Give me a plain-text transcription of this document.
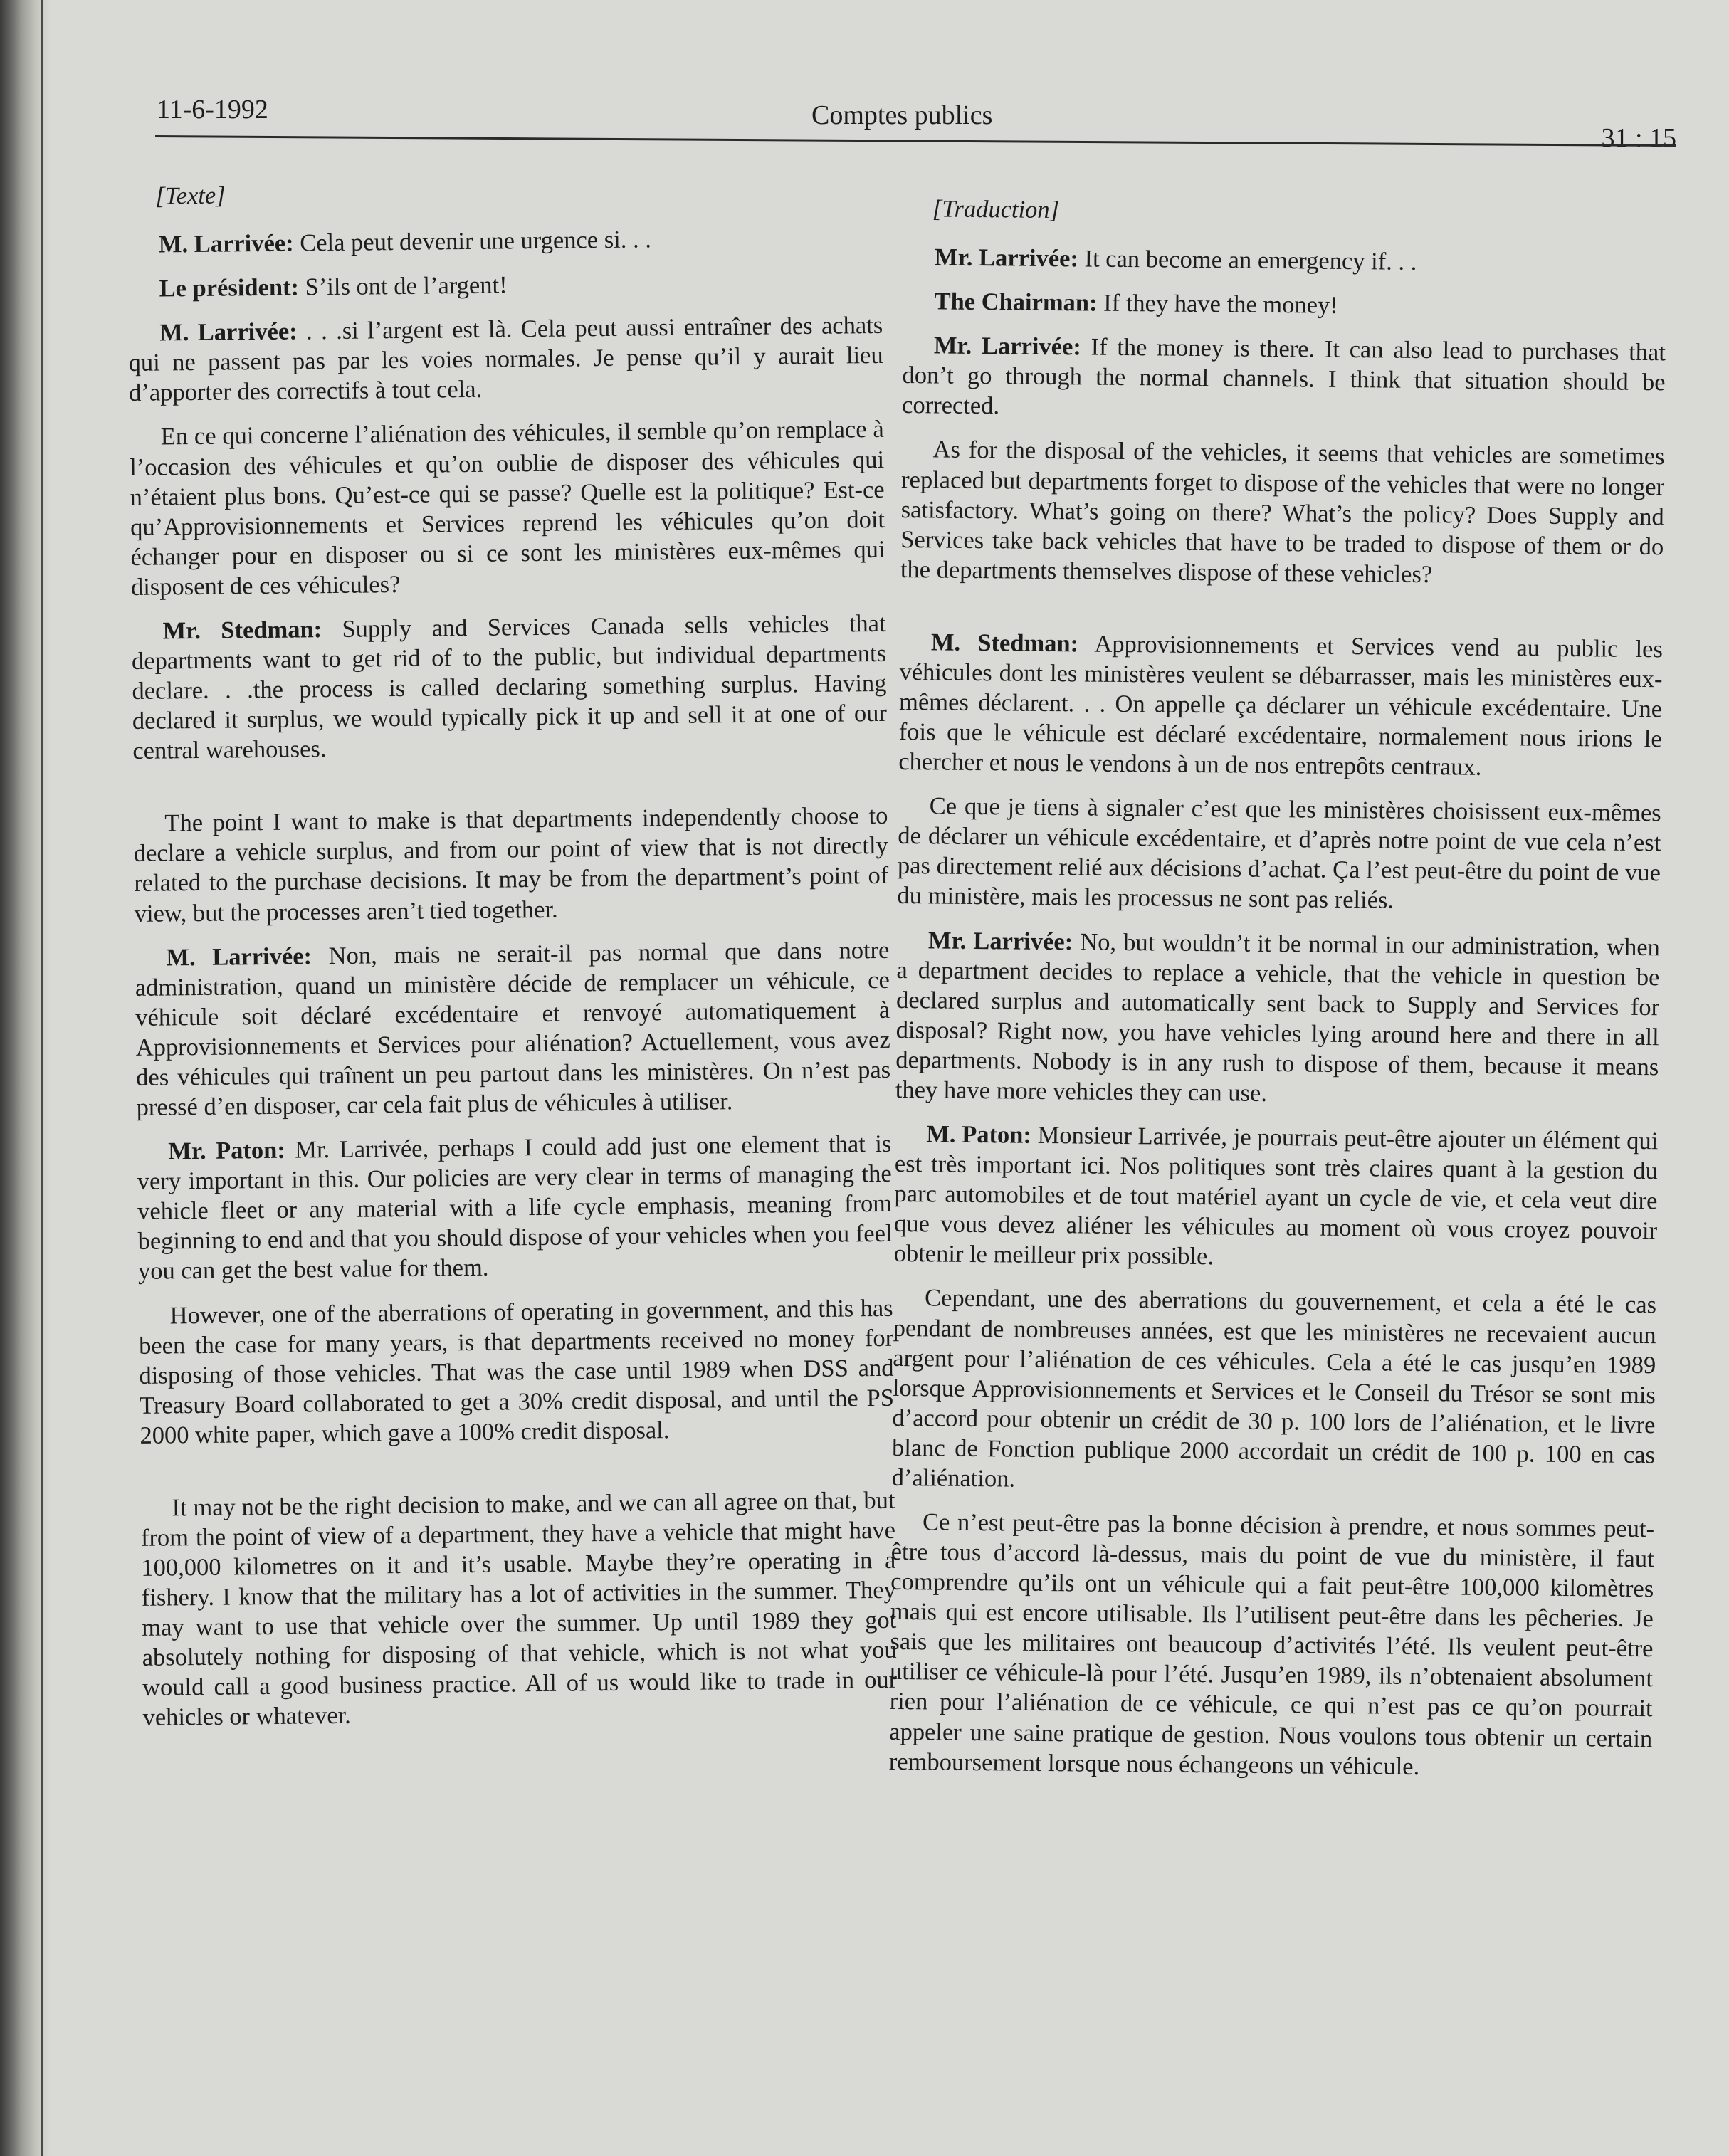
11-6-1992	Comptes publics
31 : 15
[Texte]

M. Larrivée: Cela peut devenir une urgence si. . .

Le président: S’ils ont de l’argent!

M. Larrivée: . . .si l’argent est là. Cela peut aussi entraîner des achats qui ne passent pas par les voies normales. Je pense qu’il y aurait lieu d’apporter des correctifs à tout cela.

En ce qui concerne l’aliénation des véhicules, il semble qu’on remplace à l’occasion des véhicules et qu’on oublie de disposer des véhicules qui n’étaient plus bons. Qu’est-ce qui se passe? Quelle est la politique? Est-ce qu’Approvisionnements et Services reprend les véhicules qu’on doit échanger pour en disposer ou si ce sont les ministères eux-mêmes qui disposent de ces véhicules?

Mr. Stedman: Supply and Services Canada sells vehicles that departments want to get rid of to the public, but individual departments declare. . .the process is called declaring something surplus. Having declared it surplus, we would typically pick it up and sell it at one of our central warehouses.

The point I want to make is that departments independently choose to declare a vehicle surplus, and from our point of view that is not directly related to the purchase decisions. It may be from the department’s point of view, but the processes aren’t tied together.

M. Larrivée: Non, mais ne serait-il pas normal que dans notre administration, quand un ministère décide de remplacer un véhicule, ce véhicule soit déclaré excédentaire et renvoyé automatiquement à Approvisionnements et Services pour aliénation? Actuellement, vous avez des véhicules qui traînent un peu partout dans les ministères. On n’est pas pressé d’en disposer, car cela fait plus de véhicules à utiliser.

Mr. Paton: Mr. Larrivée, perhaps I could add just one element that is very important in this. Our policies are very clear in terms of managing the vehicle fleet or any material with a life cycle emphasis, meaning from beginning to end and that you should dispose of your vehicles when you feel you can get the best value for them.

However, one of the aberrations of operating in government, and this has been the case for many years, is that departments received no money for disposing of those vehicles. That was the case until 1989 when DSS and Treasury Board collaborated to get a 30% credit disposal, and until the PS 2000 white paper, which gave a 100% credit disposal.

It may not be the right decision to make, and we can all agree on that, but from the point of view of a department, they have a vehicle that might have 100,000 kilometres on it and it’s usable. Maybe they’re operating in a fishery. I know that the military has a lot of activities in the summer. They may want to use that vehicle over the summer. Up until 1989 they got absolutely nothing for disposing of that vehicle, which is not what you would call a good business practice. All of us would like to trade in our vehicles or whatever.

[Traduction]

Mr. Larrivée: It can become an emergency if. . .

The Chairman: If they have the money!

Mr. Larrivée: If the money is there. It can also lead to purchases that don’t go through the normal channels. I think that situation should be corrected.

As for the disposal of the vehicles, it seems that vehicles are sometimes replaced but departments forget to dispose of the vehicles that were no longer satisfactory. What’s going on there? What’s the policy? Does Supply and Services take back vehicles that have to be traded to dispose of them or do the departments themselves dispose of these vehicles?

M. Stedman: Approvisionnements et Services vend au public les véhicules dont les ministères veulent se débarrasser, mais les ministères eux-mêmes déclarent. . . On appelle ça déclarer un véhicule excédentaire. Une fois que le véhicule est déclaré excédentaire, normalement nous irions le chercher et nous le vendons à un de nos entrepôts centraux.

Ce que je tiens à signaler c’est que les ministères choisissent eux-mêmes de déclarer un véhicule excédentaire, et d’après notre point de vue cela n’est pas directement relié aux décisions d’achat. Ça l’est peut-être du point de vue du ministère, mais les processus ne sont pas reliés.

Mr. Larrivée: No, but wouldn’t it be normal in our administration, when a department decides to replace a vehicle, that the vehicle in question be declared surplus and automatically sent back to Supply and Services for disposal? Right now, you have vehicles lying around here and there in all departments. Nobody is in any rush to dispose of them, because it means they have more vehicles they can use.

M. Paton: Monsieur Larrivée, je pourrais peut-être ajouter un élément qui est très important ici. Nos politiques sont très claires quant à la gestion du parc automobiles et de tout matériel ayant un cycle de vie, et cela veut dire que vous devez aliéner les véhicules au moment où vous croyez pouvoir obtenir le meilleur prix possible.

Cependant, une des aberrations du gouvernement, et cela a été le cas pendant de nombreuses années, est que les ministères ne recevaient aucun argent pour l’aliénation de ces véhicules. Cela a été le cas jusqu’en 1989 lorsque Approvisionnements et Services et le Conseil du Trésor se sont mis d’accord pour obtenir un crédit de 30 p. 100 lors de l’aliénation, et le livre blanc de Fonction publique 2000 accordait un crédit de 100 p. 100 en cas d’aliénation.

Ce n’est peut-être pas la bonne décision à prendre, et nous sommes peut-être tous d’accord là-dessus, mais du point de vue du ministère, il faut comprendre qu’ils ont un véhicule qui a fait peut-être 100,000 kilomètres mais qui est encore utilisable. Ils l’utilisent peut-être dans les pêcheries. Je sais que les militaires ont beaucoup d’activités l’été. Ils veulent peut-être utiliser ce véhicule-là pour l’été. Jusqu’en 1989, ils n’obtenaient absolument rien pour l’aliénation de ce véhicule, ce qui n’est pas ce qu’on pourrait appeler une saine pratique de gestion. Nous voulons tous obtenir un certain remboursement lorsque nous échangeons un véhicule.
